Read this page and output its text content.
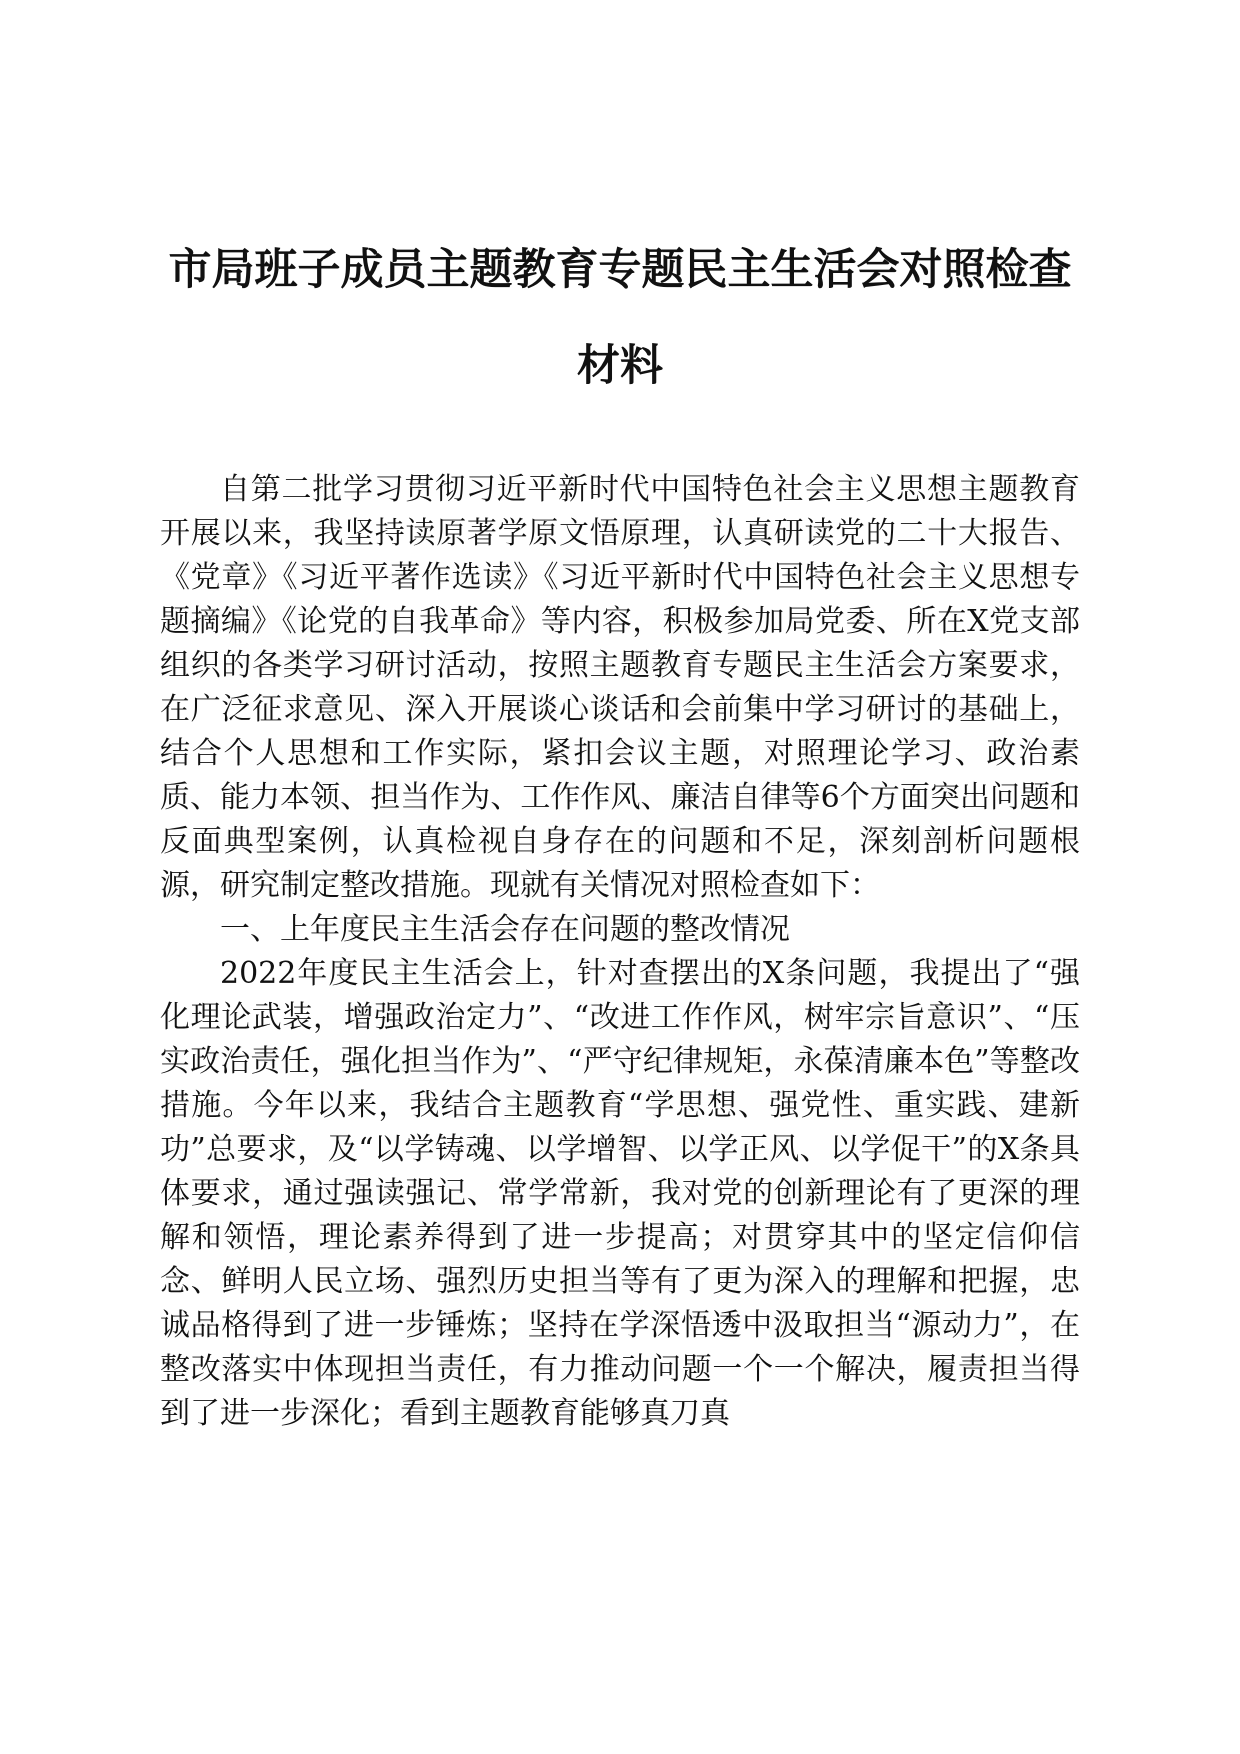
市局班子成员主题教育专题民主生活会对照检查材料

自第二批学习贯彻习近平新时代中国特色社会主义思想主题教育开展以来，我坚持读原著学原文悟原理，认真研读党的二十大报告、《党章》《习近平著作选读》《习近平新时代中国特色社会主义思想专题摘编》《论党的自我革命》等内容，积极参加局党委、所在X党支部组织的各类学习研讨活动，按照主题教育专题民主生活会方案要求，在广泛征求意见、深入开展谈心谈话和会前集中学习研讨的基础上，结合个人思想和工作实际，紧扣会议主题，对照理论学习、政治素质、能力本领、担当作为、工作作风、廉洁自律等6个方面突出问题和反面典型案例，认真检视自身存在的问题和不足，深刻剖析问题根源，研究制定整改措施。现就有关情况对照检查如下：

一、上年度民主生活会存在问题的整改情况

2022年度民主生活会上，针对查摆出的X条问题，我提出了“强化理论武装，增强政治定力”、“改进工作作风，树牢宗旨意识”、“压实政治责任，强化担当作为”、“严守纪律规矩，永葆清廉本色”等整改措施。今年以来，我结合主题教育“学思想、强党性、重实践、建新功”总要求，及“以学铸魂、以学增智、以学正风、以学促干”的X条具体要求，通过强读强记、常学常新，我对党的创新理论有了更深的理解和领悟，理论素养得到了进一步提高；对贯穿其中的坚定信仰信念、鲜明人民立场、强烈历史担当等有了更为深入的理解和把握，忠诚品格得到了进一步锤炼；坚持在学深悟透中汲取担当“源动力”，在整改落实中体现担当责任，有力推动问题一个一个解决，履责担当得到了进一步深化；看到主题教育能够真刀真
